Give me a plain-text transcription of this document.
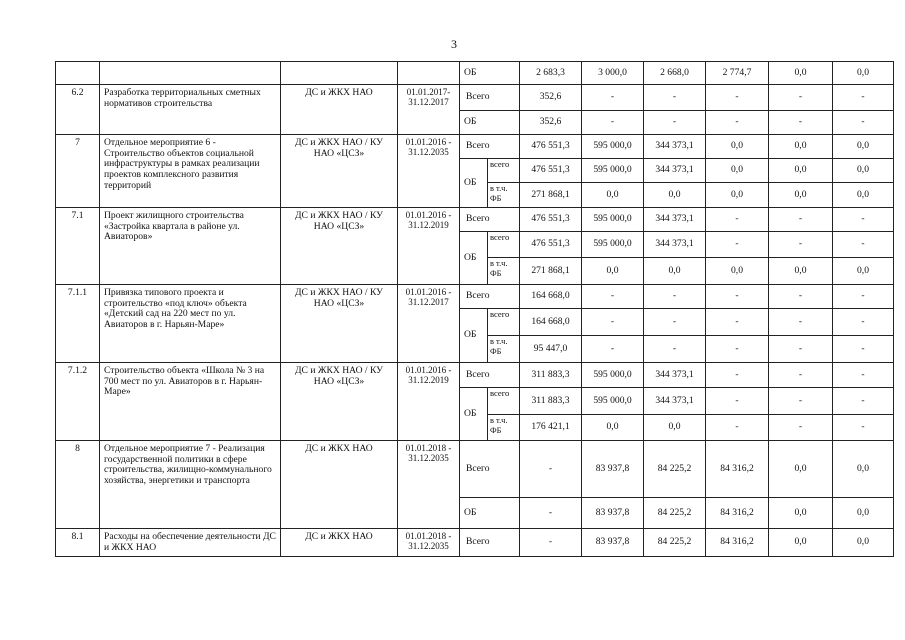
3
				ОБ		2 683,3	3 000,0	2 668,0	2 774,7	0,0	0,0
6.2	Разработка территориальных сметных нормативов строительства	ДС и ЖКХ НАО	01.01.2017-31.12.2017	Всего		352,6	-	-	-	-	-
				ОБ		352,6	-	-	-	-	-
7	Отдельное мероприятие 6 - Строительство объектов социальной инфраструктуры в рамках реализации проектов комплексного развития территорий	ДС и ЖКХ НАО / КУ НАО «ЦСЗ»	01.01.2016 - 31.12.2035	Всего		476 551,3	595 000,0	344 373,1	0,0	0,0	0,0
				ОБ	всего	476 551,3	595 000,0	344 373,1	0,0	0,0	0,0
					в т.ч. ФБ	271 868,1	0,0	0,0	0,0	0,0	0,0
7.1	Проект жилищного строительства «Застройка квартала в районе ул. Авиаторов»	ДС и ЖКХ НАО / КУ НАО «ЦСЗ»	01.01.2016 - 31.12.2019	Всего		476 551,3	595 000,0	344 373,1	-	-	-
				ОБ	всего	476 551,3	595 000,0	344 373,1	-	-	-
					в т.ч. ФБ	271 868,1	0,0	0,0	0,0	0,0	0,0
7.1.1	Привязка типового проекта и строительство «под ключ» объекта «Детский сад на 220 мест по ул. Авиаторов в г. Нарьян-Маре»	ДС и ЖКХ НАО / КУ НАО «ЦСЗ»	01.01.2016 - 31.12.2017	Всего		164 668,0	-	-	-	-	-
				ОБ	всего	164 668,0	-	-	-	-	-
					в т.ч. ФБ	95 447,0	-	-	-	-	-
7.1.2	Строительство объекта «Школа № 3 на 700 мест по ул. Авиаторов в г. Нарьян-Маре»	ДС и ЖКХ НАО / КУ НАО «ЦСЗ»	01.01.2016 - 31.12.2019	Всего		311 883,3	595 000,0	344 373,1	-	-	-
				ОБ	всего	311 883,3	595 000,0	344 373,1	-	-	-
					в т.ч. ФБ	176 421,1	0,0	0,0	-	-	-
8	Отдельное мероприятие 7 - Реализация государственной политики в сфере строительства, жилищно-коммунального хозяйства, энергетики и транспорта	ДС и ЖКХ НАО	01.01.2018 - 31.12.2035	Всего		-	83 937,8	84 225,2	84 316,2	0,0	0,0
				ОБ		-	83 937,8	84 225,2	84 316,2	0,0	0,0
8.1	Расходы на обеспечение деятельности ДС и ЖКХ НАО	ДС и ЖКХ НАО	01.01.2018 - 31.12.2035	Всего		-	83 937,8	84 225,2	84 316,2	0,0	0,0
